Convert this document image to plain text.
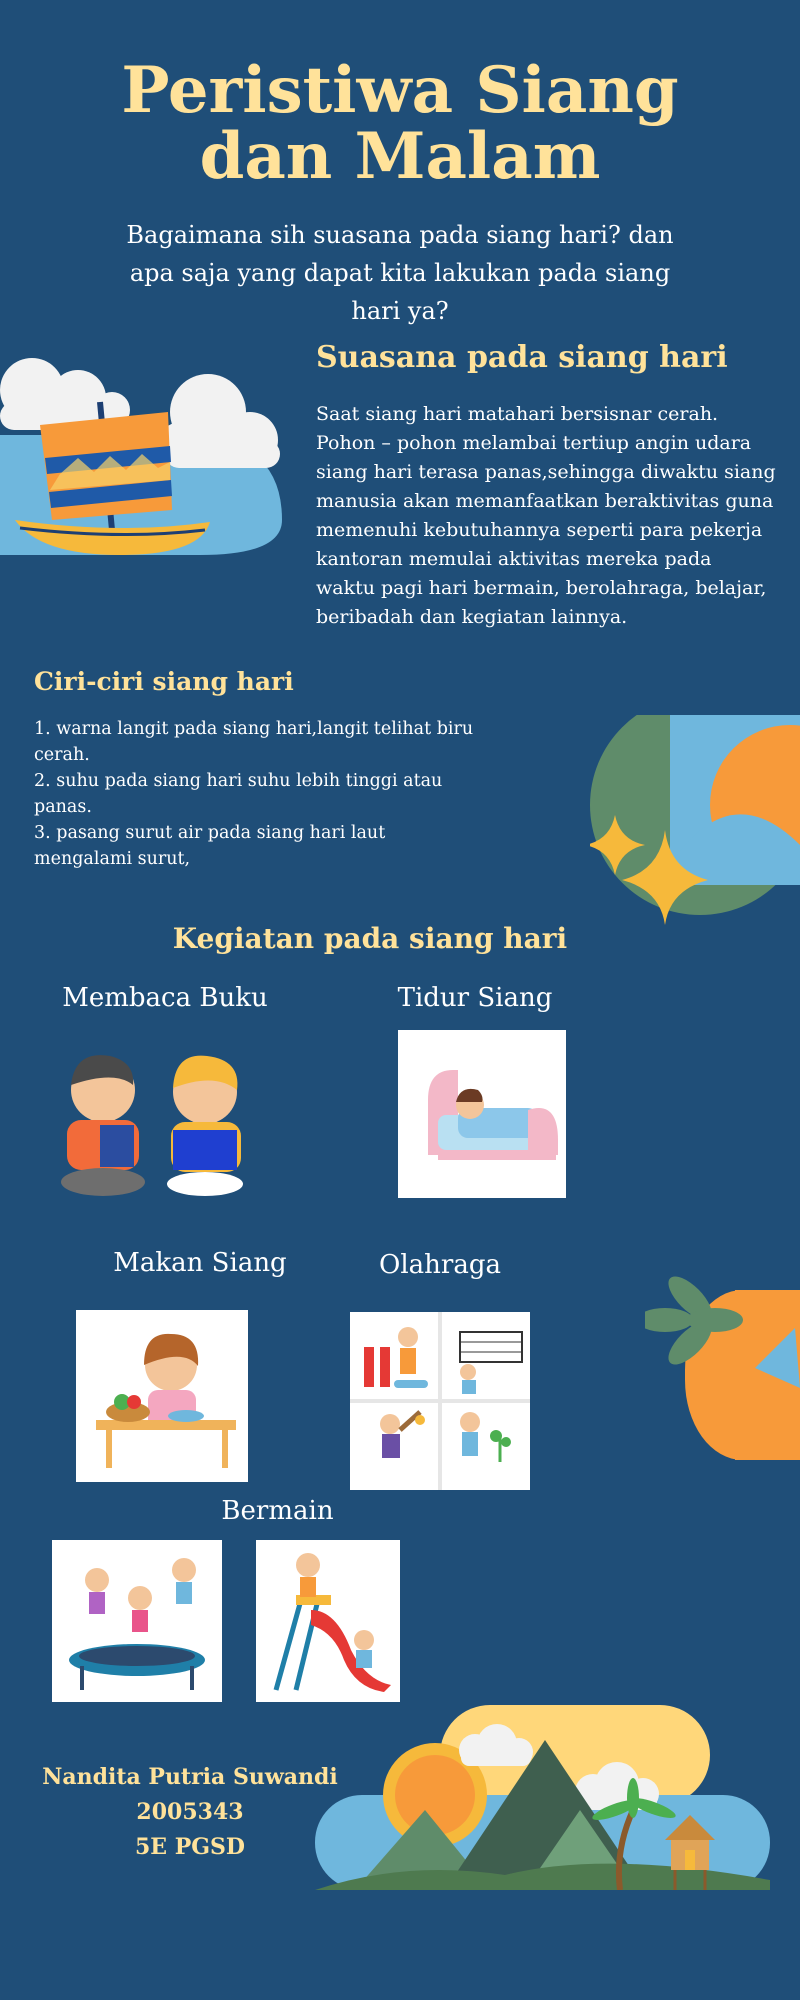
Peristiwa Siang
dan Malam
Bagaimana sih suasana pada siang hari? dan apa saja yang dapat kita lakukan pada siang hari ya?
Suasana pada siang hari
Saat siang hari matahari bersisnar cerah. Pohon – pohon melambai tertiup angin udara siang hari terasa panas,sehingga diwaktu siang manusia akan memanfaatkan beraktivitas guna memenuhi kebutuhannya seperti para pekerja kantoran memulai aktivitas mereka pada waktu pagi hari bermain, berolahraga, belajar, beribadah dan kegiatan lainnya.
Ciri-ciri siang hari
1. warna langit pada siang hari,langit telihat biru cerah.
2. suhu pada siang hari suhu lebih tinggi atau panas.
3. pasang surut air pada siang hari laut mengalami surut,
Kegiatan pada siang hari
Membaca Buku	Tidur Siang
Makan Siang	Olahraga
Bermain
Nandita Putria Suwandi
2005343
5E PGSD
